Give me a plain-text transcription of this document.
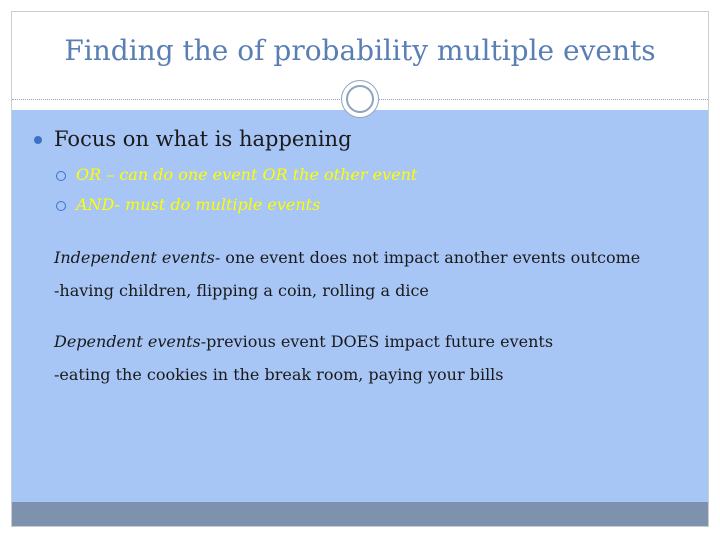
Finding the of probability multiple events

Focus on what is happening

OR – can do one event OR the other event

AND- must do multiple events

Independent events- one event does not impact another events outcome

-having children, flipping a coin, rolling a dice

Dependent events-previous event DOES impact future events

-eating the cookies in the break room, paying your bills
